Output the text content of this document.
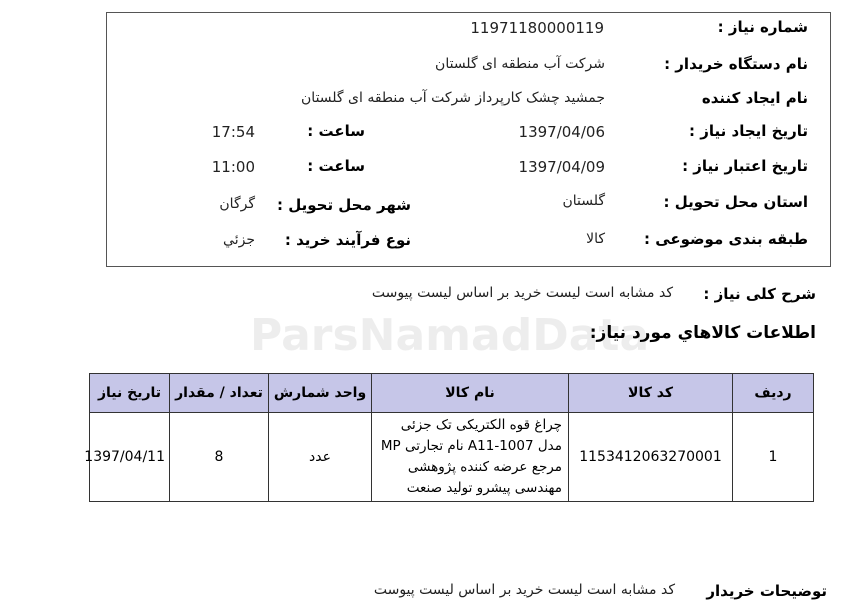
ParsNamadData
شماره نیاز :
11971180000119
نام دستگاه خریدار :
شرکت آب منطقه ای گلستان
نام ایجاد کننده
جمشید چشک کارپرداز شرکت آب منطقه ای گلستان
تاریخ ایجاد نیاز :
1397/04/06
ساعت :
17:54
تاریخ اعتبار نیاز :
1397/04/09
ساعت :
11:00
استان محل تحویل :
گلستان
شهر محل تحویل :
گرگان
طبقه بندی موضوعی :
کالا
نوع فرآیند خرید :
جزئي
شرح کلی نیاز :
کد مشابه است لیست خرید بر اساس لیست پیوست
اطلاعات کالاهاي مورد نیاز:
ردیف	کد کالا	نام کالا	واحد شمارش	تعداد / مقدار	تاریخ نیاز
1	1153412063270001	چراغ قوه الکتریکی تک جزئی مدل A11-1007 نام تجارتی MP مرجع عرضه کننده پژوهشی مهندسی پیشرو تولید صنعت	عدد	8	1397/04/11
توضیحات خریدار
کد مشابه است لیست خرید بر اساس لیست پیوست
